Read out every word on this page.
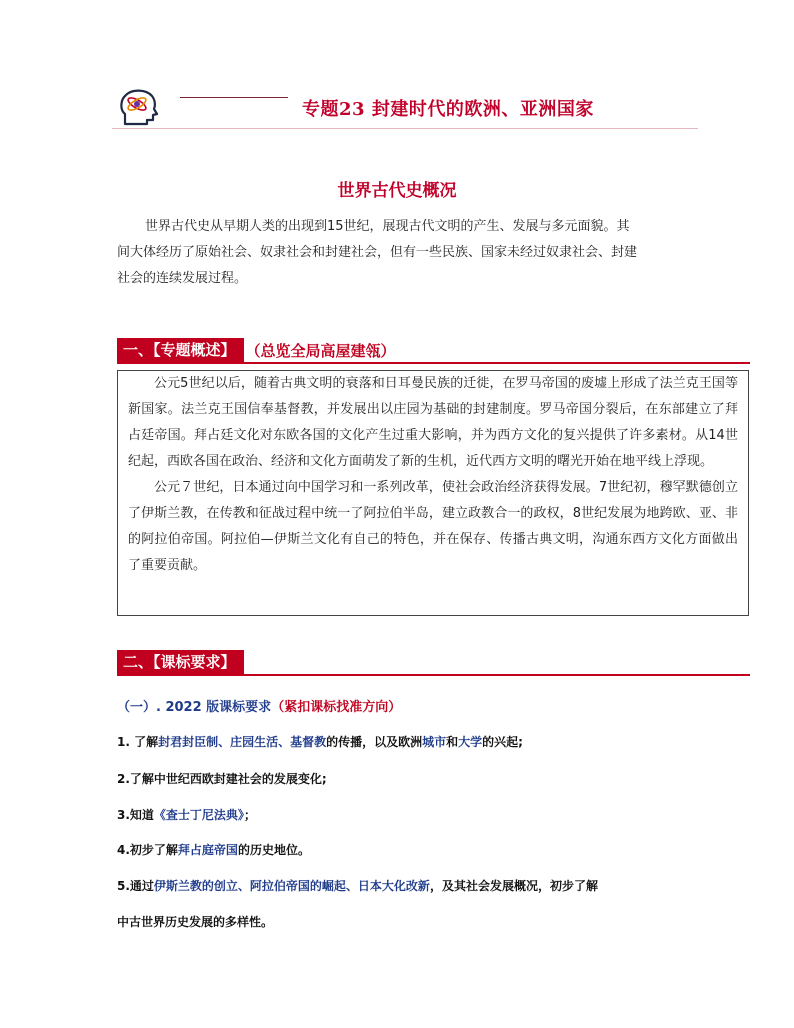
专题23 封建时代的欧洲、亚洲国家
世界古代史概况

世界古代史从早期人类的出现到15世纪，展现古代文明的产生、发展与多元面貌。其

间大体经历了原始社会、奴隶社会和封建社会，但有一些民族、国家未经过奴隶社会、封建

社会的连续发展过程。

一、【专题概述】 （总览全局高屋建瓴）

公元5世纪以后，随着古典文明的衰落和日耳曼民族的迁徙，在罗马帝国的废墟上形成了法兰克王国等新国家。法兰克王国信奉基督教，并发展出以庄园为基础的封建制度。罗马帝国分裂后，在东部建立了拜占廷帝国。拜占廷文化对东欧各国的文化产生过重大影响，并为西方文化的复兴提供了许多素材。从14世纪起，西欧各国在政治、经济和文化方面萌发了新的生机，近代西方文明的曙光开始在地平线上浮现。

公元７世纪，日本通过向中国学习和一系列改革，使社会政治经济获得发展。7世纪初，穆罕默德创立了伊斯兰教，在传教和征战过程中统一了阿拉伯半岛，建立政教合一的政权，8世纪发展为地跨欧、亚、非的阿拉伯帝国。阿拉伯—伊斯兰文化有自己的特色，并在保存、传播古典文明，沟通东西方文化方面做出了重要贡献。

二、【课标要求】
（一）. 2022 版课标要求（紧扣课标找准方向）
1. 了解封君封臣制、庄园生活、基督教的传播，以及欧洲城市和大学的兴起;
2.了解中世纪西欧封建社会的发展变化;
3.知道《查士丁尼法典》；
4.初步了解拜占庭帝国的历史地位。
5.通过伊斯兰教的创立、阿拉伯帝国的崛起、日本大化改新，及其社会发展概况，初步了解
中古世界历史发展的多样性。
